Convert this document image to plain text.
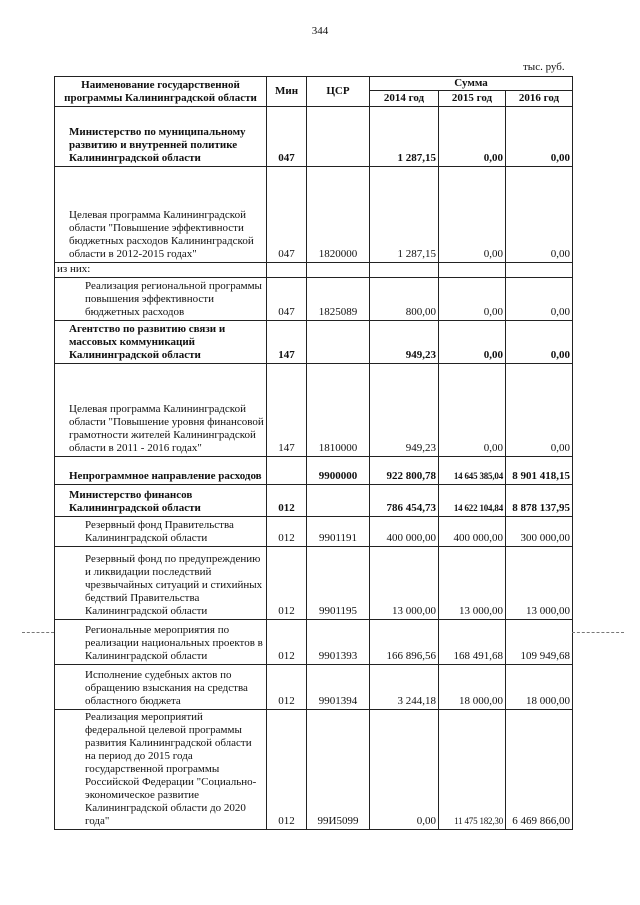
344
тыс. руб.
Наименование государственной программы Калининградской области	Мин	ЦСР	Сумма		
			2014 год	2015 год	2016 год
Министерство по муниципальному развитию и внутренней политике Калининградской области	047		1 287,15	0,00	0,00
Целевая программа Калининградской области "Повышение эффективности бюджетных расходов Калининградской области в 2012-2015 годах"	047	1820000	1 287,15	0,00	0,00
из них:					
Реализация региональной программы повышения эффективности бюджетных расходов	047	1825089	800,00	0,00	0,00
Агентство по развитию связи и массовых коммуникаций Калининградской области	147		949,23	0,00	0,00
Целевая программа Калининградской области "Повышение уровня финансовой грамотности жителей Калининградской области в 2011 - 2016 годах"	147	1810000	949,23	0,00	0,00
Непрограммное направление расходов		9900000	922 800,78	14 645 385,04	8 901 418,15
Министерство финансов Калининградской области	012		786 454,73	14 622 104,84	8 878 137,95
Резервный фонд Правительства Калининградской области	012	9901191	400 000,00	400 000,00	300 000,00
Резервный фонд по предупреждению и ликвидации последствий чрезвычайных ситуаций и стихийных бедствий Правительства Калининградской области	012	9901195	13 000,00	13 000,00	13 000,00
Региональные мероприятия по реализации национальных проектов в Калининградской области	012	9901393	166 896,56	168 491,68	109 949,68
Исполнение судебных актов по обращению взыскания на средства областного бюджета	012	9901394	3 244,18	18 000,00	18 000,00
Реализация мероприятий федеральной целевой программы развития Калининградской области на период до 2015 года государственной программы Российской Федерации "Социально-экономическое развитие Калининградской области до 2020 года"	012	99И5099	0,00	11 475 182,30	6 469 866,00
